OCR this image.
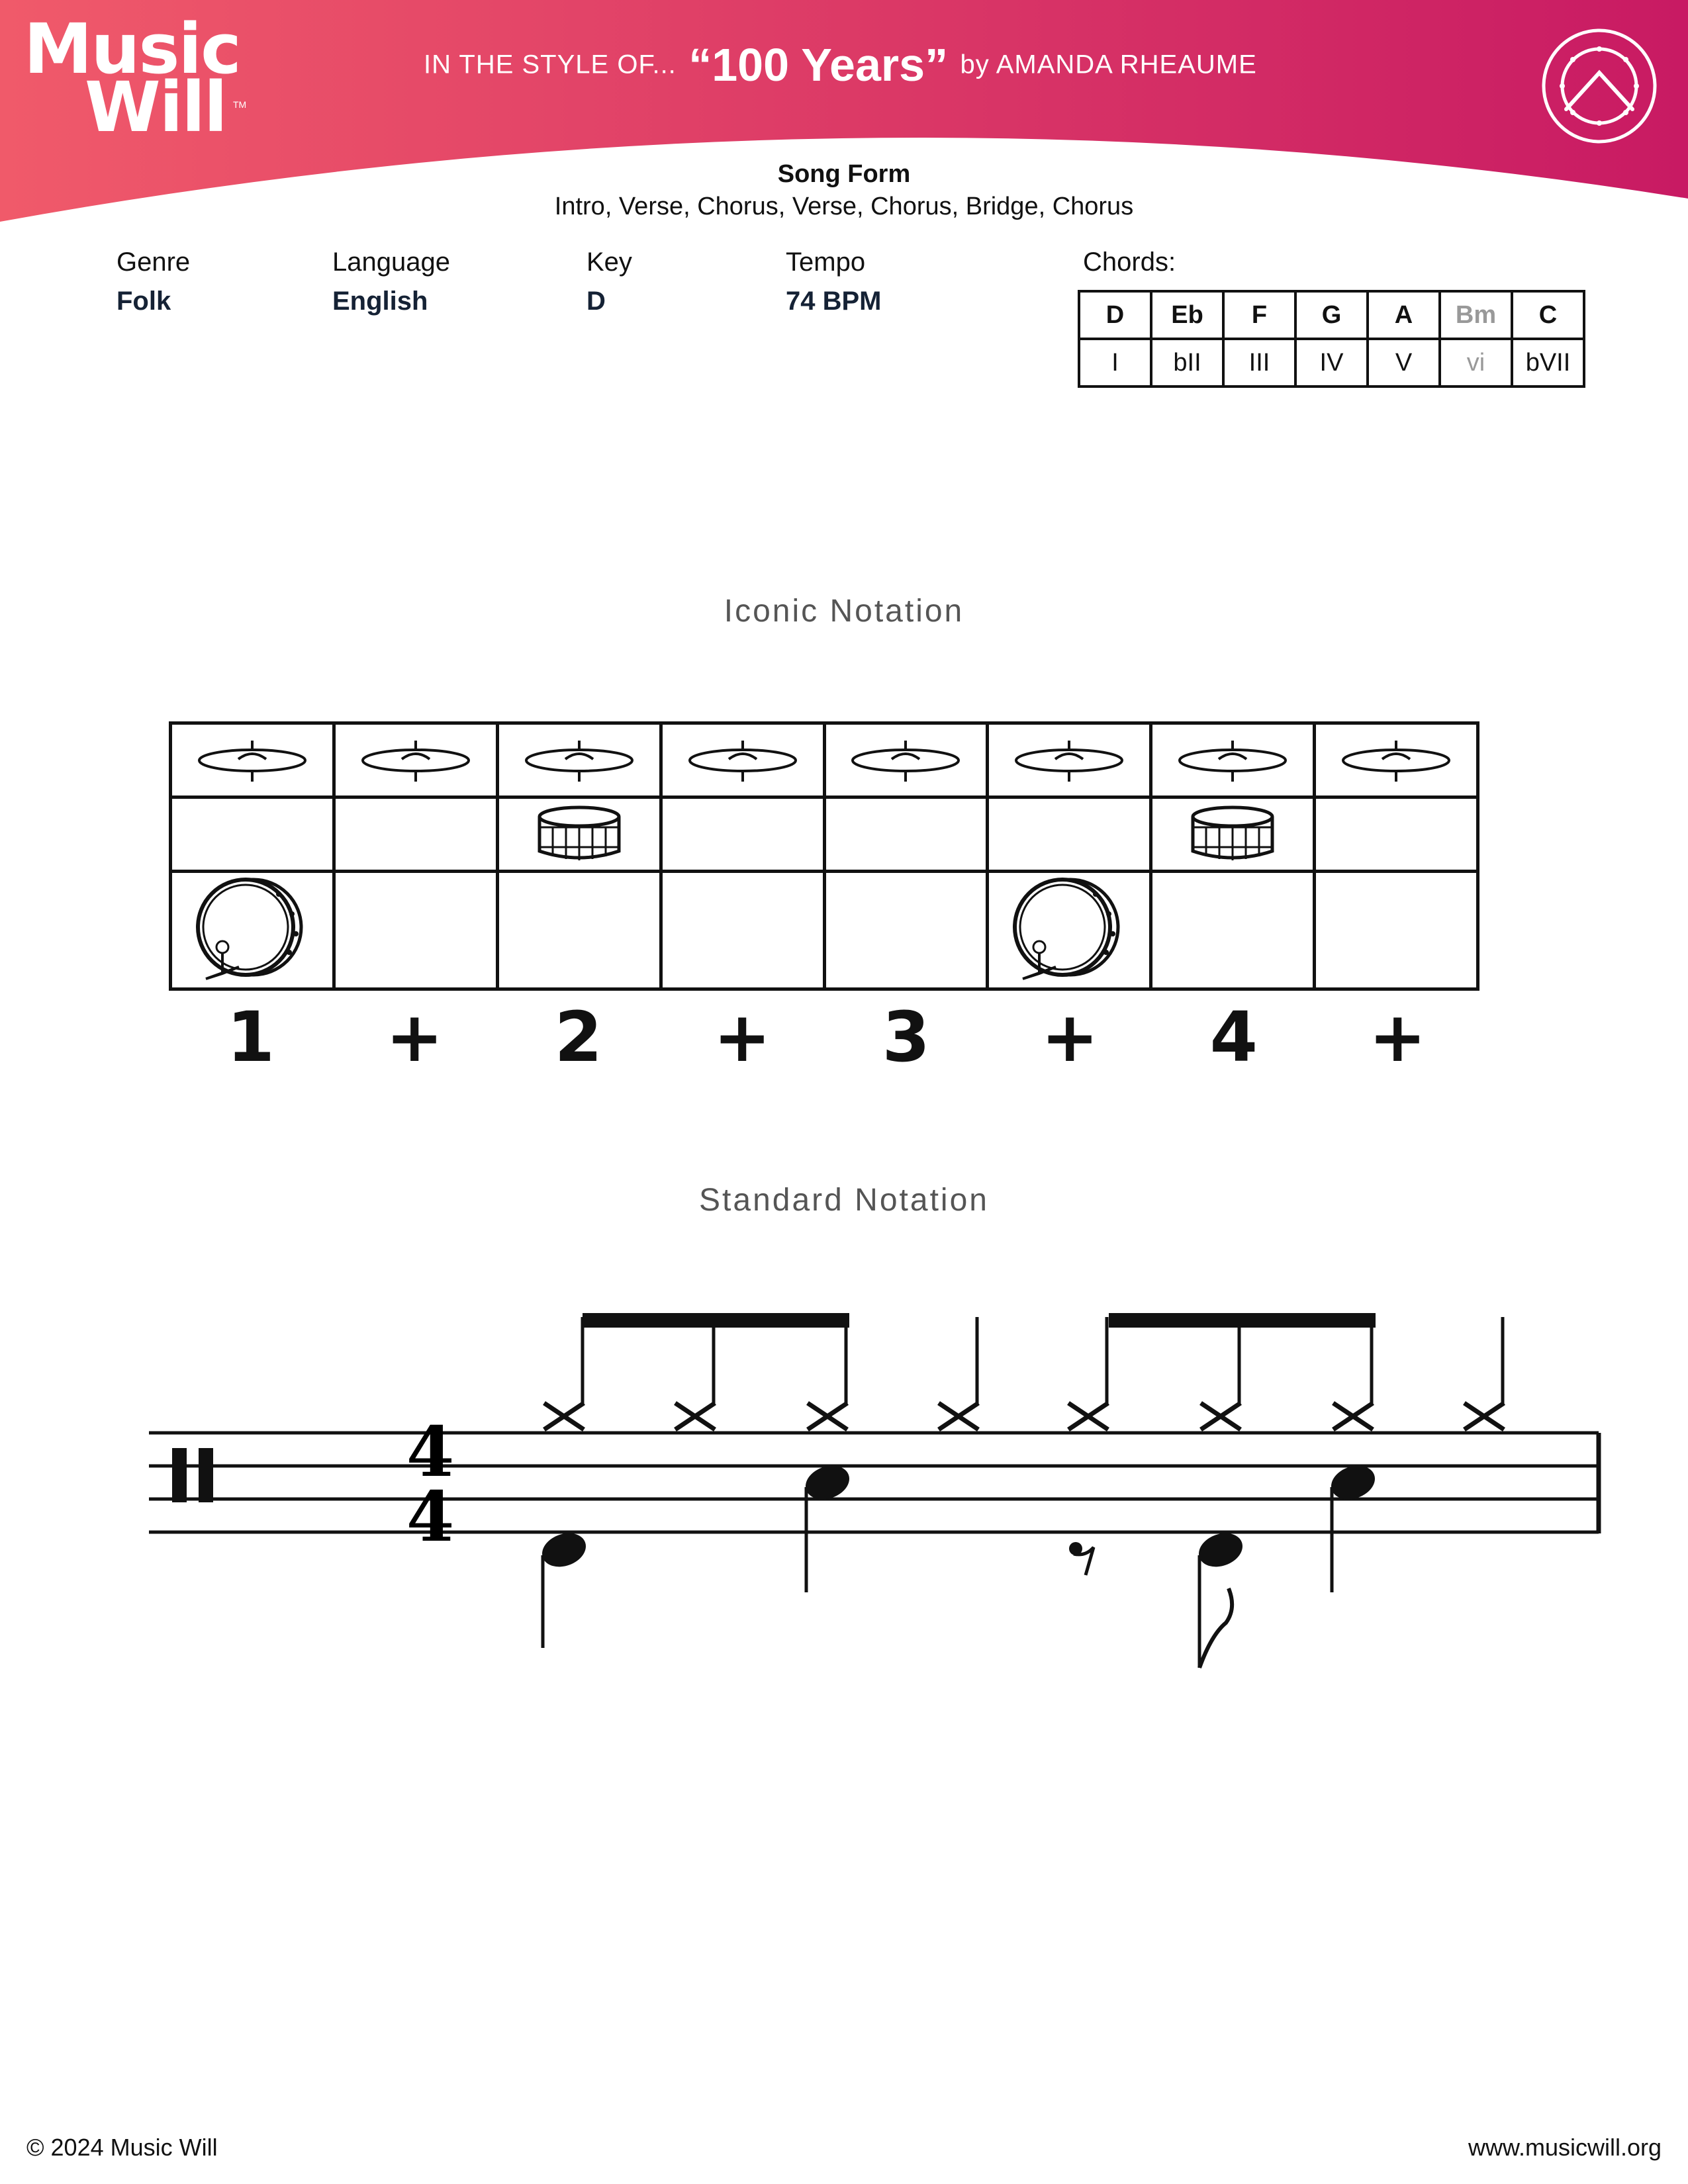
Music
Will TM
IN THE STYLE OF... “100 Years” by AMANDA RHEAUME
Song Form
Intro, Verse, Chorus, Verse, Chorus, Bridge, Chorus
Genre
Folk
Language
English
Key
D
Tempo
74 BPM
Chords:
D	Eb	F	G	A	Bm	C
I	bII	III	IV	V	vi	bVII
Iconic Notation
1	+	2	+	3	+	4	+
Standard Notation
4
4
© 2024 Music Will	www.musicwill.org
